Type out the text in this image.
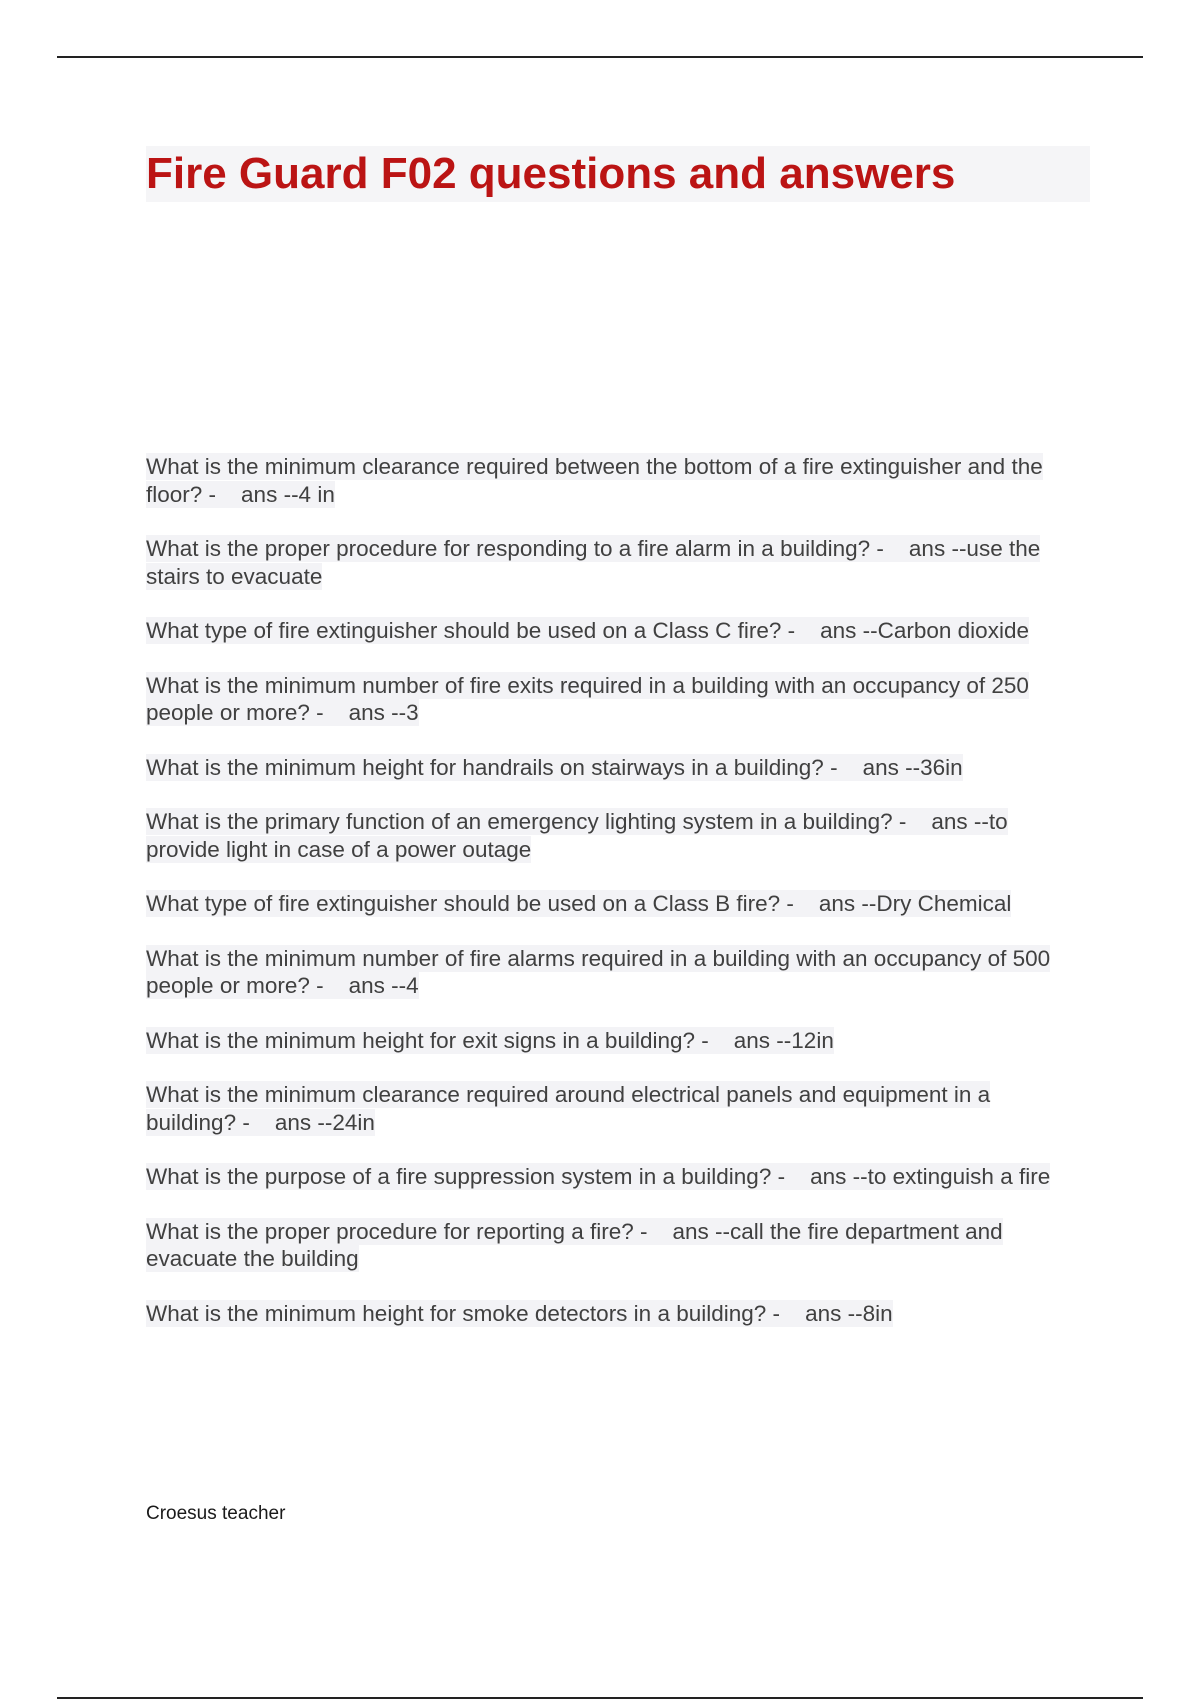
Fire Guard F02 questions and answers
What is the minimum clearance required between the bottom of a fire extinguisher and the floor? - ans --4 in
What is the proper procedure for responding to a fire alarm in a building? - ans --use the stairs to evacuate
What type of fire extinguisher should be used on a Class C fire? - ans --Carbon dioxide
What is the minimum number of fire exits required in a building with an occupancy of 250 people or more? - ans --3
What is the minimum height for handrails on stairways in a building? - ans --36in
What is the primary function of an emergency lighting system in a building? - ans --to provide light in case of a power outage
What type of fire extinguisher should be used on a Class B fire? - ans --Dry Chemical
What is the minimum number of fire alarms required in a building with an occupancy of 500 people or more? - ans --4
What is the minimum height for exit signs in a building? - ans --12in
What is the minimum clearance required around electrical panels and equipment in a building? - ans --24in
What is the purpose of a fire suppression system in a building? - ans --to extinguish a fire
What is the proper procedure for reporting a fire? - ans --call the fire department and evacuate the building
What is the minimum height for smoke detectors in a building? - ans --8in
Croesus teacher
